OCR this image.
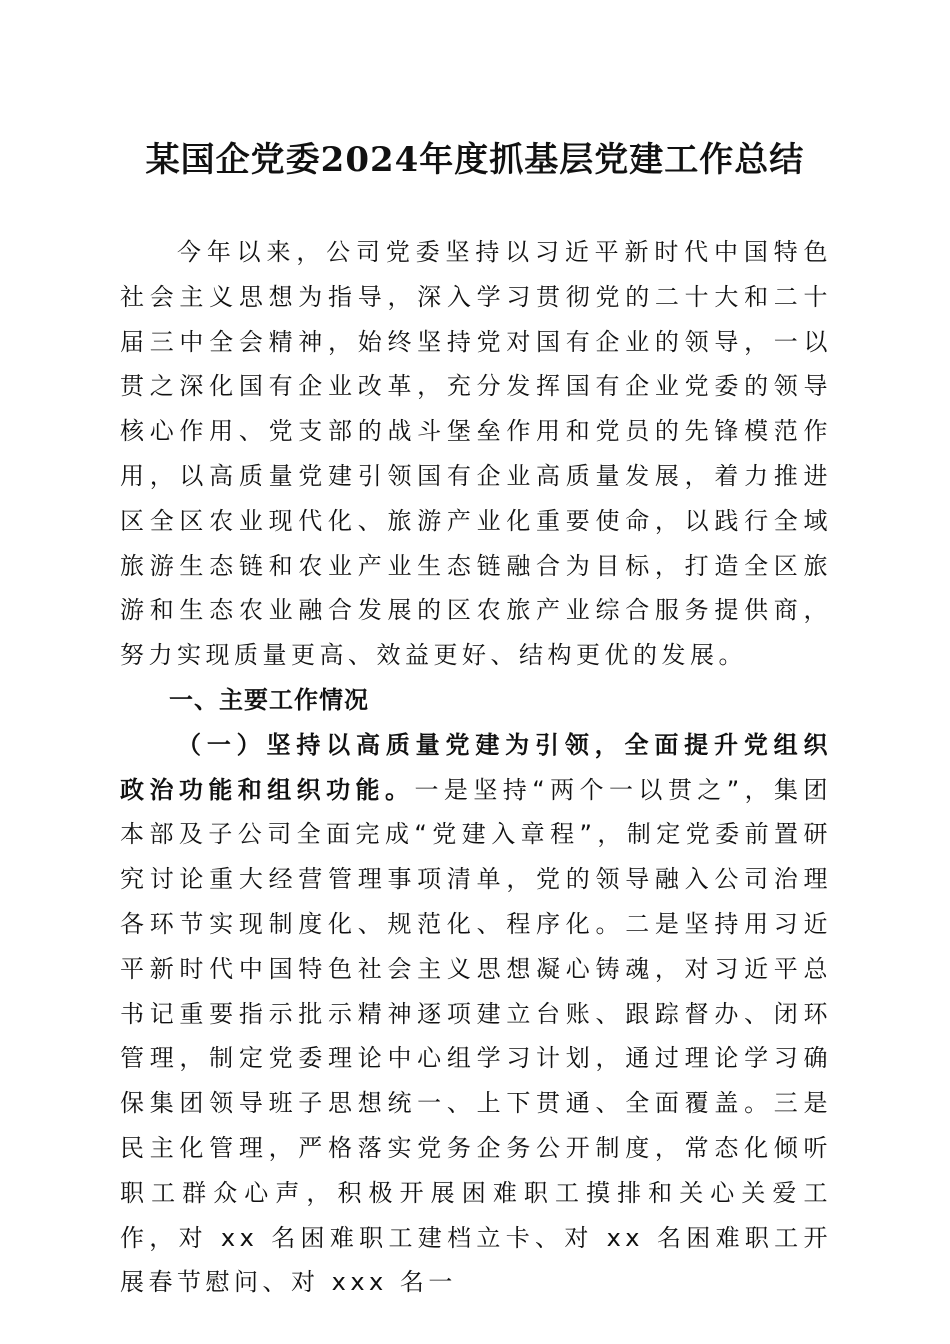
某国企党委2024年度抓基层党建工作总结

今年以来，公司党委坚持以习近平新时代中国特色社会主义思想为指导，深入学习贯彻党的二十大和二十届三中全会精神，始终坚持党对国有企业的领导，一以贯之深化国有企业改革，充分发挥国有企业党委的领导核心作用、党支部的战斗堡垒作用和党员的先锋模范作用，以高质量党建引领国有企业高质量发展，着力推进区全区农业现代化、旅游产业化重要使命，以践行全域旅游生态链和农业产业生态链融合为目标，打造全区旅游和生态农业融合发展的区农旅产业综合服务提供商，努力实现质量更高、效益更好、结构更优的发展。

一、主要工作情况

（一）坚持以高质量党建为引领，全面提升党组织政治功能和组织功能。一是坚持“两个一以贯之”，集团本部及子公司全面完成“党建入章程”，制定党委前置研究讨论重大经营管理事项清单，党的领导融入公司治理各环节实现制度化、规范化、程序化。二是坚持用习近平新时代中国特色社会主义思想凝心铸魂，对习近平总书记重要指示批示精神逐项建立台账、跟踪督办、闭环管理，制定党委理论中心组学习计划，通过理论学习确保集团领导班子思想统一、上下贯通、全面覆盖。三是民主化管理，严格落实党务企务公开制度，常态化倾听职工群众心声，积极开展困难职工摸排和关心关爱工作，对 xx 名困难职工建档立卡、对 xx 名困难职工开展春节慰问、对 xxx 名一
